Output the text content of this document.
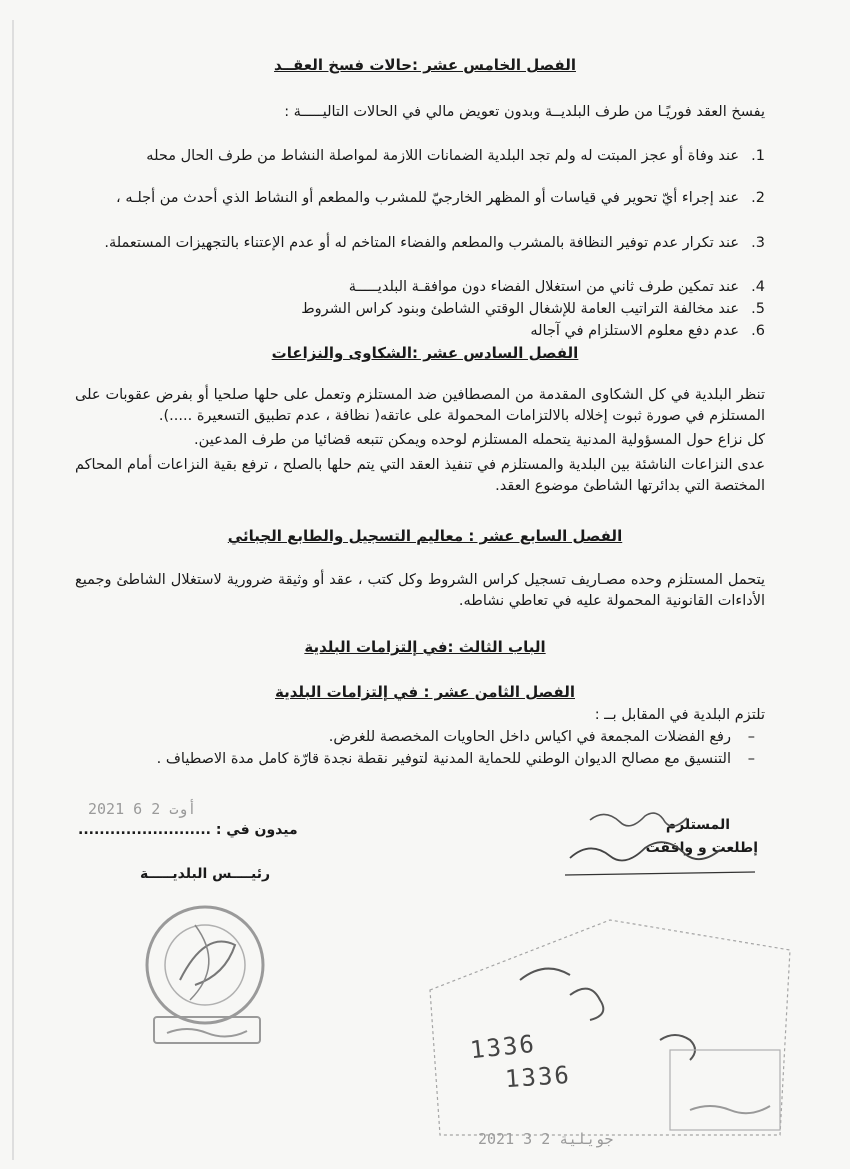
الفصل الخامس عشر :حالات فسخ العقــد
يفسخ العقد فوريًـا من طرف البلديــة وبدون تعويض مالي في الحالات التاليـــــة :
1.عند وفاة أو عجز المبتت له ولم تجد البلدية الضمانات اللازمة لمواصلة النشاط من طرف الحال محله
2.عند إجراء أيّ تحوير في قياسات أو المظهر الخارجيّ للمشرب والمطعم أو النشاط الذي أحدث من أجلـه ،
3.عند تكرار عدم توفير النظافة بالمشرب والمطعم والفضاء المتاخم له أو عدم الإعتناء بالتجهيزات المستعملة.
4.عند تمكين طرف ثاني من استغلال الفضاء دون موافقـة البلديـــــة
5.عند مخالفة التراتيب العامة للإشغال الوقتي الشاطئ وبنود كراس الشروط
6.عدم دفع معلوم الاستلزام في آجاله
الفصل السادس عشر :الشكاوى والنزاعات
تنظر البلدية في كل الشكاوى المقدمة من المصطافين ضد المستلزم وتعمل على حلها صلحيا أو بفرض عقوبات على المستلزم في صورة ثبوت إخلاله بالالتزامات المحمولة على عاتقه( نظافة ، عدم تطبيق التسعيرة .....).
كل نزاع حول المسؤولية المدنية يتحمله المستلزم لوحده ويمكن تتبعه قضائيا من طرف المدعين.
عدى النزاعات الناشئة بين البلدية والمستلزم في تنفيذ العقد التي يتم حلها بالصلح ، ترفع بقية النزاعات أمام المحاكم المختصة التي بدائرتها الشاطئ موضوع العقد.
الفصل السابع عشر : معاليم التسجيل والطابع الجبائي
يتحمل المستلزم وحده مصـاريف تسجيل كراس الشروط وكل كتب ، عقد أو وثيقة ضرورية لاستغلال الشاطئ وجميع الأداءات القانونية المحمولة عليه في تعاطي نشاطه.
الباب الثالث :في إلتزامات البلدية
الفصل الثامن عشر : في إلتزامات البلدية
تلتزم البلدية في المقابل بــ :
–رفع الفضلات المجمعة في اكياس داخل الحاويات المخصصة للغرض.
–التنسيق مع مصالح الديوان الوطني للحماية المدنية لتوفير نقطة نجدة قارّة كامل مدة الاصطياف .
2021 أوت 2 6
المستلزم
ميدون في : .........................
إطلعت و وافقت
رئيــــس البلديـــــة
1336
1336
2021 جويلية 2 3
